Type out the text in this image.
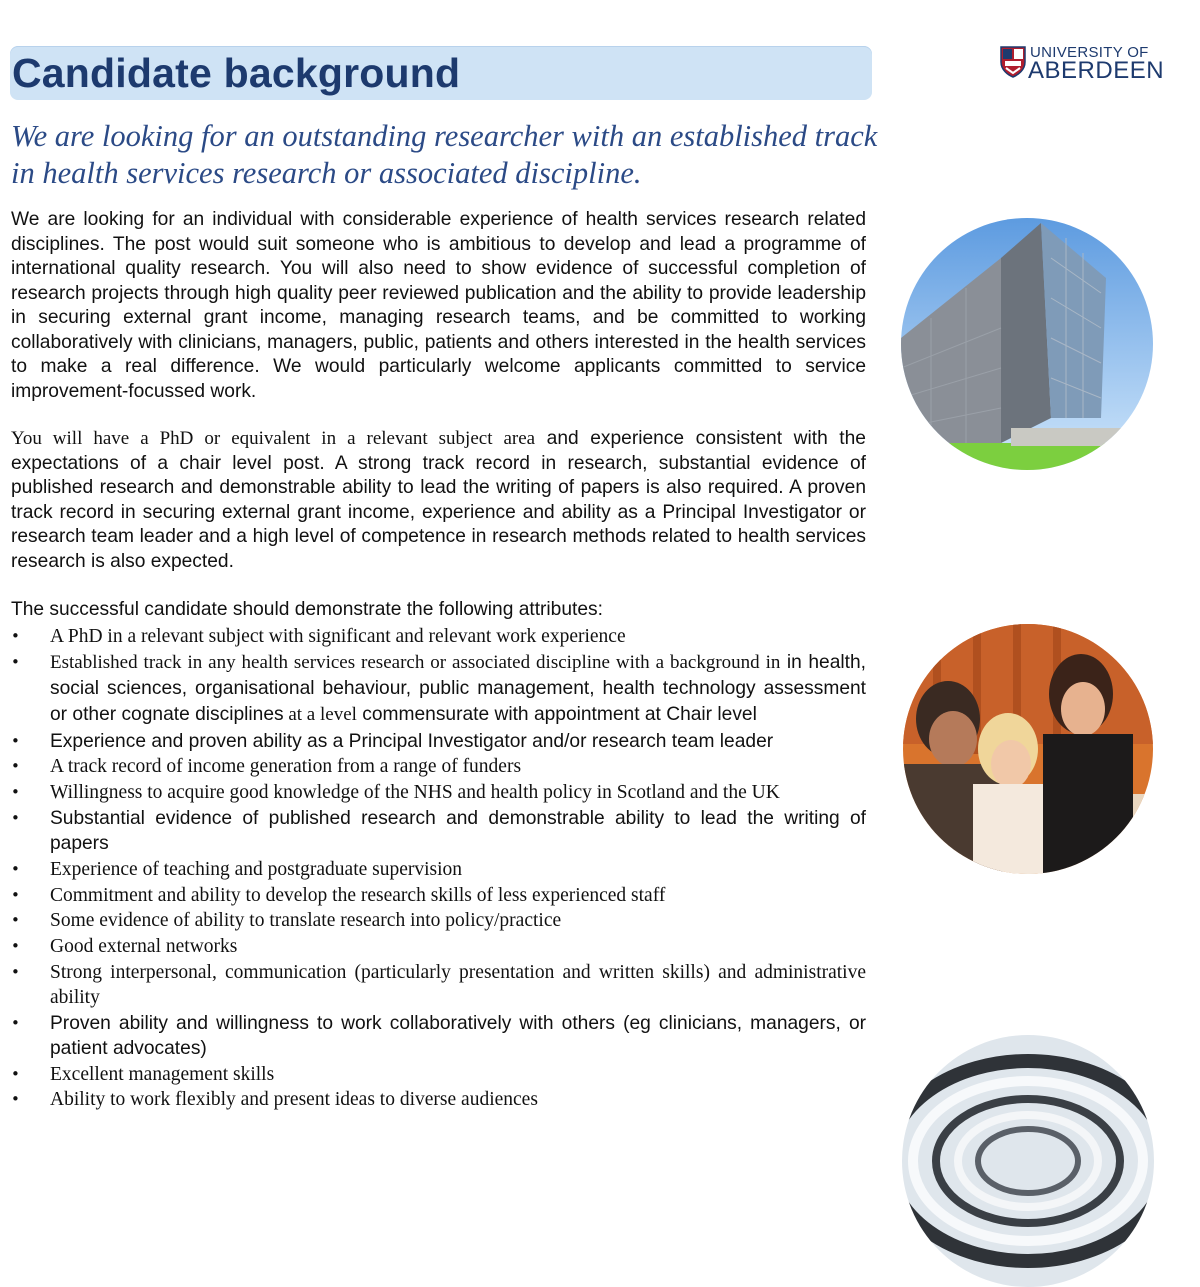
Candidate background	UNIVERSITY OF
ABERDEEN
We are looking for an outstanding researcher with an established track in health services research or associated discipline.
We are looking for an individual with considerable experience of health services research related disciplines. The post would suit someone who is ambitious to develop and lead a programme of international quality research. You will also need to show evidence of successful completion of research projects through high quality peer reviewed publication and the ability to provide leadership in securing external grant income, managing research teams, and be committed to working collaboratively with clinicians, managers, public, patients and others interested in the health services to make a real difference. We would particularly welcome applicants committed to service improvement-focussed work.
You will have a PhD or equivalent in a relevant subject area and experience consistent with the expectations of a chair level post. A strong track record in research, substantial evidence of published research and demonstrable ability to lead the writing of papers is also required. A proven track record in securing external grant income, experience and ability as a Principal Investigator or research team leader and a high level of competence in research methods related to health services research is also expected.
The successful candidate should demonstrate the following attributes:
• A PhD in a relevant subject with significant and relevant work experience
• Established track in any health services research or associated discipline with a background in in health, social sciences, organisational behaviour, public management, health technology assessment or other cognate disciplines at a level commensurate with appointment at Chair level
• Experience and proven ability as a Principal Investigator and/or research team leader
• A track record of income generation from a range of funders
• Willingness to acquire good knowledge of the NHS and health policy in Scotland and the UK
• Substantial evidence of published research and demonstrable ability to lead the writing of papers
• Experience of teaching and postgraduate supervision
• Commitment and ability to develop the research skills of less experienced staff
• Some evidence of ability to translate research into policy/practice
• Good external networks
• Strong interpersonal, communication (particularly presentation and written skills) and administrative ability
• Proven ability and willingness to work collaboratively with others (eg clinicians, managers, or patient advocates)
• Excellent management skills
• Ability to work flexibly and present ideas to diverse audiences
